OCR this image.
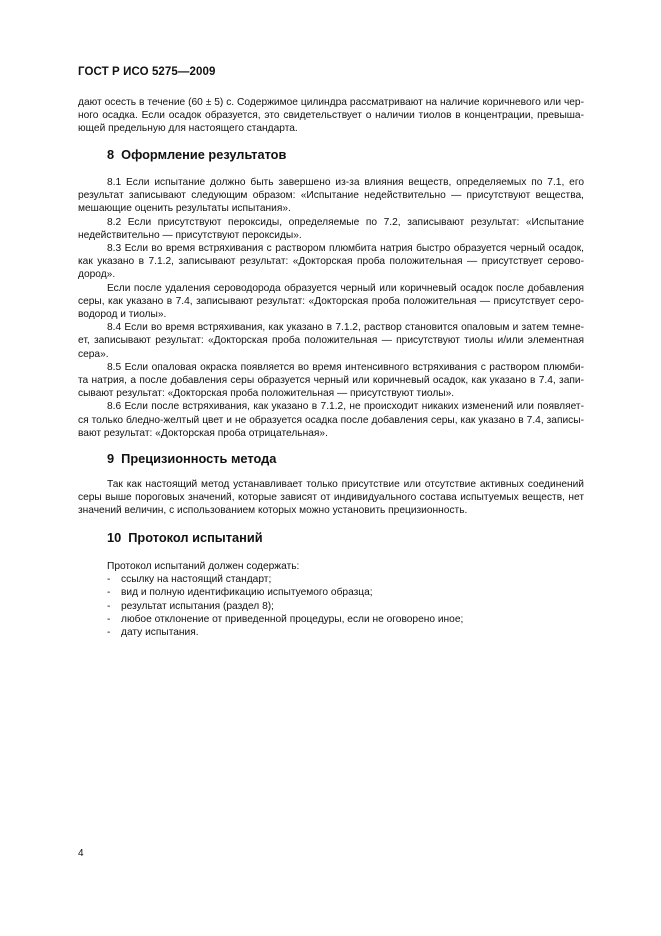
ГОСТ Р ИСО 5275—2009
дают осесть в течение (60 ± 5) с. Содержимое цилиндра рассматривают на наличие коричневого или чер-
ного осадка. Если осадок образуется, это свидетельствует о наличии тиолов в концентрации, превыша-
ющей предельную для настоящего стандарта.
8 Оформление результатов
8.1 Если испытание должно быть завершено из-за влияния веществ, определяемых по 7.1, его
результат записывают следующим образом: «Испытание недействительно — присутствуют вещества,
мешающие оценить результаты испытания».
8.2 Если присутствуют пероксиды, определяемые по 7.2, записывают результат: «Испытание
недействительно — присутствуют пероксиды».
8.3 Если во время встряхивания с раствором плюмбита натрия быстро образуется черный осадок,
как указано в 7.1.2, записывают результат: «Докторская проба положительная — присутствует серово-
дород».
Если после удаления сероводорода образуется черный или коричневый осадок после добавления
серы, как указано в 7.4, записывают результат: «Докторская проба положительная — присутствует серо-
водород и тиолы».
8.4 Если во время встряхивания, как указано в 7.1.2, раствор становится опаловым и затем темне-
ет, записывают результат: «Докторская проба положительная — присутствуют тиолы и/или элементная
сера».
8.5 Если опаловая окраска появляется во время интенсивного встряхивания с раствором плюмби-
та натрия, а после добавления серы образуется черный или коричневый осадок, как указано в 7.4, запи-
сывают результат: «Докторская проба положительная — присутствуют тиолы».
8.6 Если после встряхивания, как указано в 7.1.2, не происходит никаких изменений или появляет-
ся только бледно-желтый цвет и не образуется осадка после добавления серы, как указано в 7.4, записы-
вают результат: «Докторская проба отрицательная».
9 Прецизионность метода
Так как настоящий метод устанавливает только присутствие или отсутствие активных соединений
серы выше пороговых значений, которые зависят от индивидуального состава испытуемых веществ, нет
значений величин, с использованием которых можно установить прецизионность.
10 Протокол испытаний
Протокол испытаний должен содержать:
- ссылку на настоящий стандарт;
- вид и полную идентификацию испытуемого образца;
- результат испытания (раздел 8);
- любое отклонение от приведенной процедуры, если не оговорено иное;
- дату испытания.
4
